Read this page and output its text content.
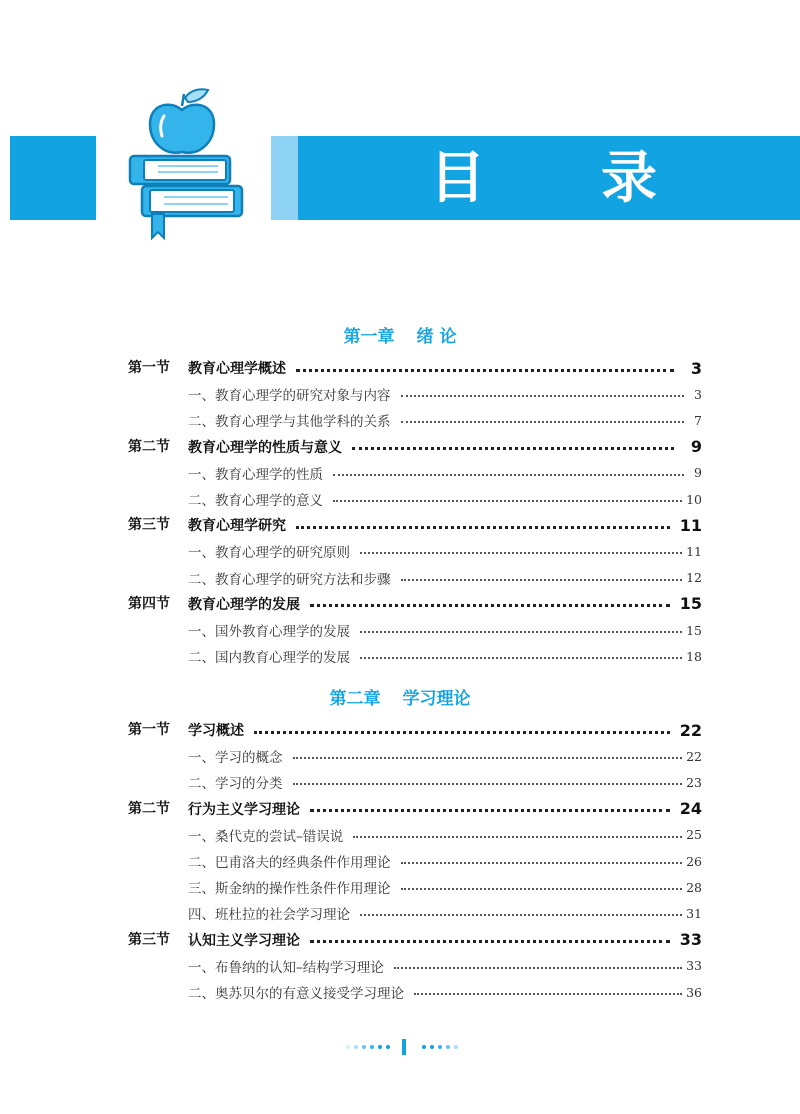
目 录
第一章 绪 论
第一节 教育心理学概述	3
一、教育心理学的研究对象与内容	3
二、教育心理学与其他学科的关系	7
第二节 教育心理学的性质与意义	9
一、教育心理学的性质	9
二、教育心理学的意义	10
第三节 教育心理学研究	11
一、教育心理学的研究原则	11
二、教育心理学的研究方法和步骤	12
第四节 教育心理学的发展	15
一、国外教育心理学的发展	15
二、国内教育心理学的发展	18
第二章 学习理论
第一节 学习概述	22
一、学习的概念	22
二、学习的分类	23
第二节 行为主义学习理论	24
一、桑代克的尝试–错误说	25
二、巴甫洛夫的经典条件作用理论	26
三、斯金纳的操作性条件作用理论	28
四、班杜拉的社会学习理论	31
第三节 认知主义学习理论	33
一、布鲁纳的认知–结构学习理论	33
二、奥苏贝尔的有意义接受学习理论	36
